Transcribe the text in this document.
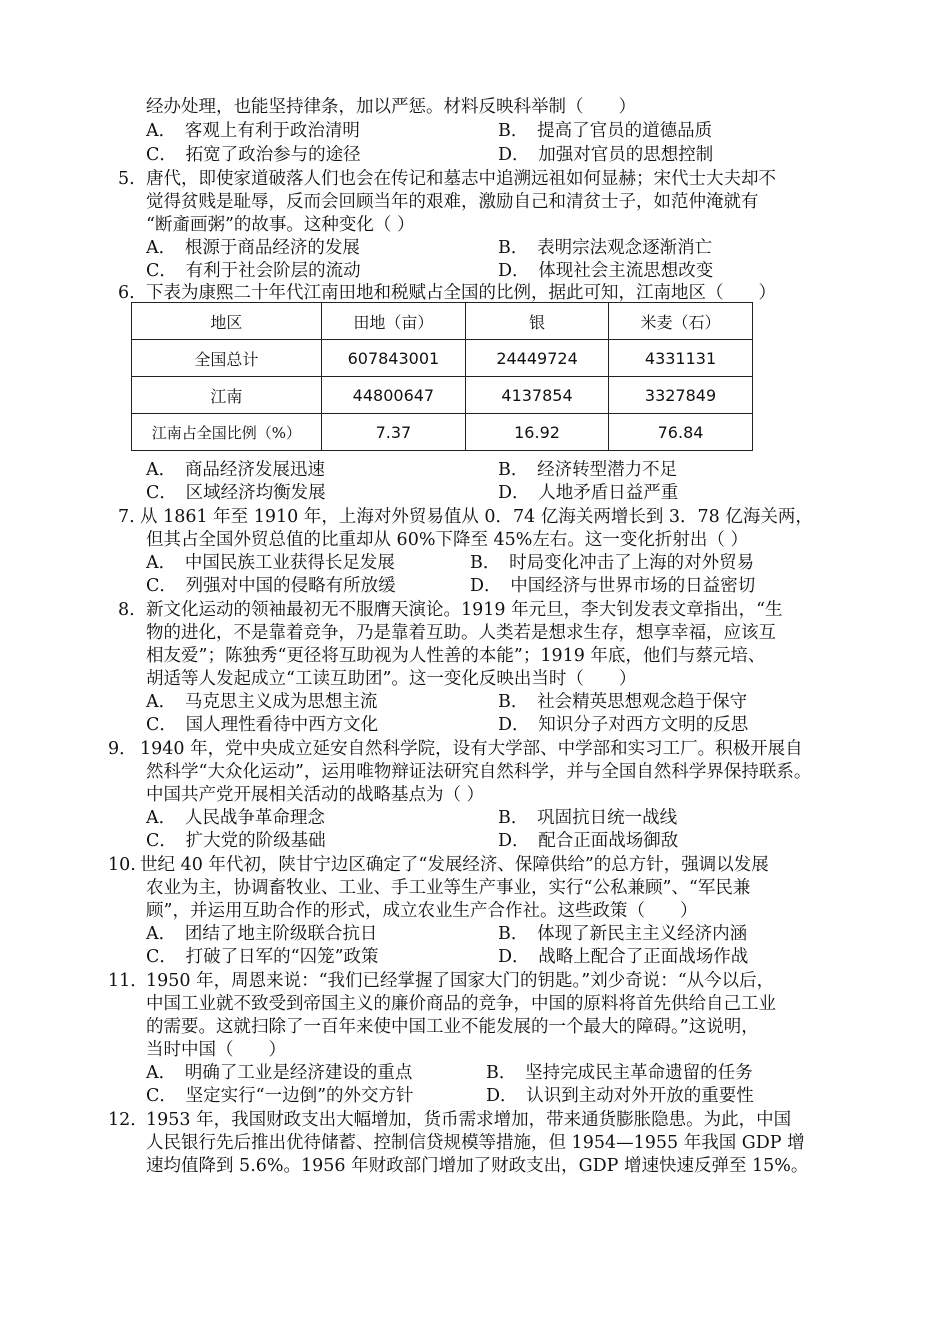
经办处理，也能坚持律条，加以严惩。材料反映科举制（　　）
A．　客观上有利于政治清明	B．　提高了官员的道德品质
C．　拓宽了政治参与的途径	D．　加强对官员的思想控制
5. 唐代，即使家道破落人们也会在传记和墓志中追溯远祖如何显赫；宋代士大夫却不
觉得贫贱是耻辱，反而会回顾当年的艰难，激励自己和清贫士子，如范仲淹就有
“断齑画粥”的故事。这种变化（ ）
A．　根源于商品经济的发展	B．　表明宗法观念逐渐消亡
C．　有利于社会阶层的流动	D．　体现社会主流思想改变
6. 下表为康熙二十年代江南田地和税赋占全国的比例，据此可知，江南地区（　　）
地区	田地（亩）	银	米麦（石）
全国总计	607843001	24449724	4331131
江南	44800647	4137854	3327849
江南占全国比例（%）	7.37	16.92	76.84
A．　商品经济发展迅速	B．　经济转型潜力不足
C．　区域经济均衡发展	D．　人地矛盾日益严重
7. 从 1861 年至 1910 年，上海对外贸易值从 0．74 亿海关两增长到 3．78 亿海关两，
但其占全国外贸总值的比重却从 60%下降至 45%左右。这一变化折射出（ ）
A．　中国民族工业获得长足发展	B．　时局变化冲击了上海的对外贸易
C．　列强对中国的侵略有所放缓	D．　中国经济与世界市场的日益密切
8. 新文化运动的领袖最初无不服膺天演论。1919 年元旦，李大钊发表文章指出，“生
物的进化，不是靠着竞争，乃是靠着互助。人类若是想求生存，想享幸福，应该互
相友爱”；陈独秀“更径将互助视为人性善的本能”；1919 年底，他们与蔡元培、
胡适等人发起成立“工读互助团”。这一变化反映出当时（　　）
A．　马克思主义成为思想主流	B．　社会精英思想观念趋于保守
C．　国人理性看待中西方文化	D．　知识分子对西方文明的反思
9． 1940 年，党中央成立延安自然科学院，设有大学部、中学部和实习工厂。积极开展自
然科学“大众化运动”，运用唯物辩证法研究自然科学，并与全国自然科学界保持联系。
中国共产党开展相关活动的战略基点为（ ）
A．　人民战争革命理念	B．　巩固抗日统一战线
C．　扩大党的阶级基础	D．　配合正面战场御敌
10. 世纪 40 年代初，陕甘宁边区确定了“发展经济、保障供给”的总方针，强调以发展
农业为主，协调畜牧业、工业、手工业等生产事业，实行“公私兼顾”、“军民兼
顾”，并运用互助合作的形式，成立农业生产合作社。这些政策（　　）
A．　团结了地主阶级联合抗日	B．　体现了新民主主义经济内涵
C．　打破了日军的“囚笼”政策	D．　战略上配合了正面战场作战
11．
1950 年，周恩来说：“我们已经掌握了国家大门的钥匙。”刘少奇说：“从今以后，
中国工业就不致受到帝国主义的廉价商品的竞争，中国的原料将首先供给自己工业
的需要。这就扫除了一百年来使中国工业不能发展的一个最大的障碍。”这说明，
当时中国（　　）
A．　明确了工业是经济建设的重点	B．　坚持完成民主革命遗留的任务
C．　坚定实行“一边倒”的外交方针	D．　认识到主动对外开放的重要性
12．
1953 年，我国财政支出大幅增加，货币需求增加，带来通货膨胀隐患。为此，中国
人民银行先后推出优待储蓄、控制信贷规模等措施，但 1954—1955 年我国 GDP 增
速均值降到 5.6%。1956 年财政部门增加了财政支出，GDP 增速快速反弹至 15%。
